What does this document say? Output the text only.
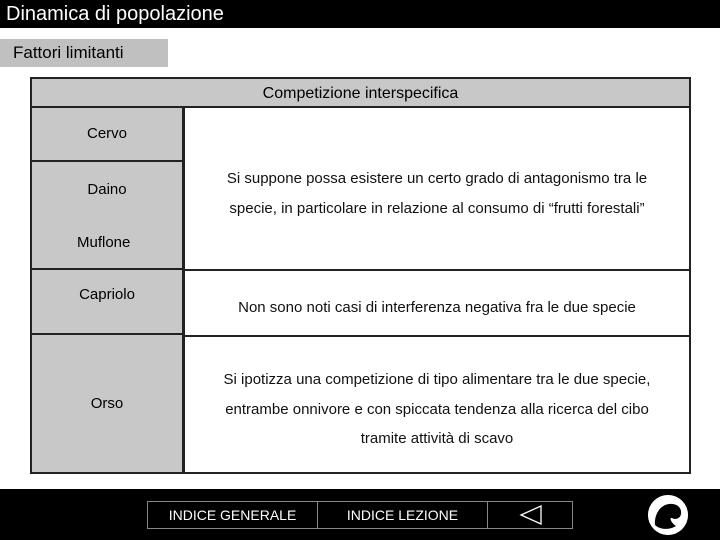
Dinamica di popolazione
Fattori limitanti
Competizione interspecifica
Cervo
Daino
Muflone
Capriolo
Orso
Si suppone possa esistere un certo grado di antagonismo tra le
specie, in particolare in relazione al consumo di “frutti forestali”
Non sono noti casi di interferenza negativa fra le due specie
Si ipotizza una competizione di tipo alimentare tra le due specie,
entrambe onnivore e con spiccata tendenza alla ricerca del cibo
tramite attività di scavo
INDICE GENERALE	INDICE LEZIONE
